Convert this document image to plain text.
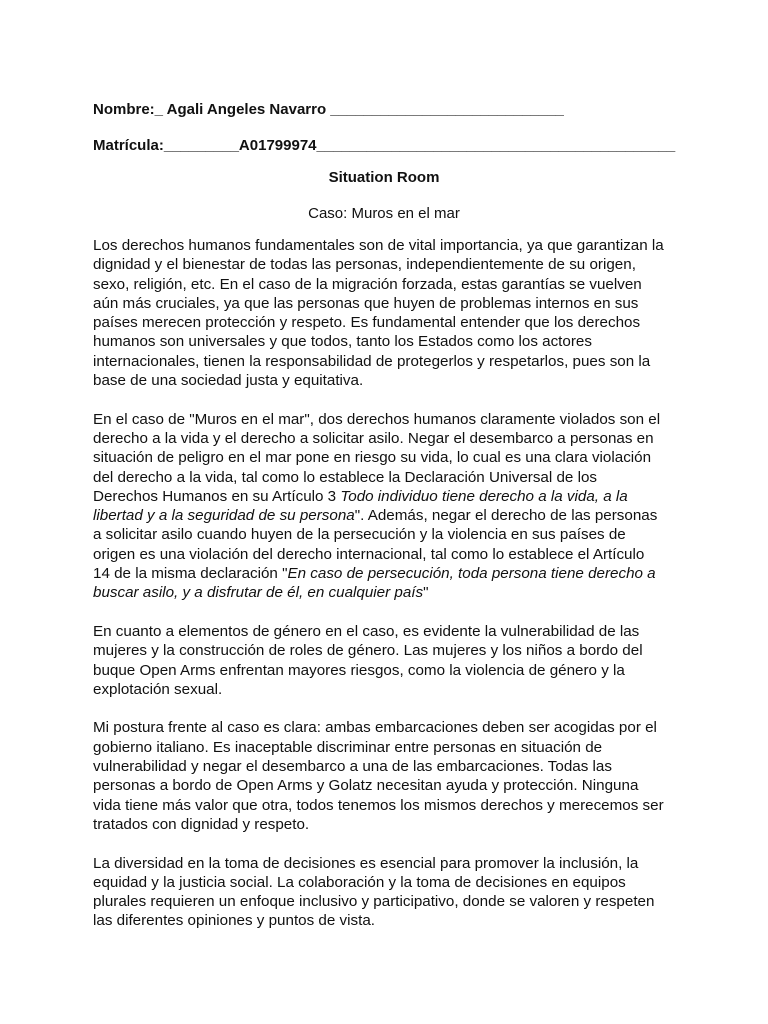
Nombre:_ Agali Angeles Navarro ____________________________
Matrícula:_________A01799974___________________________________________
Situation Room
Caso: Muros en el mar
Los derechos humanos fundamentales son de vital importancia, ya que garantizan la
dignidad y el bienestar de todas las personas, independientemente de su origen,
sexo, religión, etc. En el caso de la migración forzada, estas garantías se vuelven
aún más cruciales, ya que las personas que huyen de problemas internos en sus
países merecen protección y respeto. Es fundamental entender que los derechos
humanos son universales y que todos, tanto los Estados como los actores
internacionales, tienen la responsabilidad de protegerlos y respetarlos, pues son la
base de una sociedad justa y equitativa.
En el caso de "Muros en el mar", dos derechos humanos claramente violados son el
derecho a la vida y el derecho a solicitar asilo. Negar el desembarco a personas en
situación de peligro en el mar pone en riesgo su vida, lo cual es una clara violación
del derecho a la vida, tal como lo establece la Declaración Universal de los
Derechos Humanos en su Artículo 3 Todo individuo tiene derecho a la vida, a la
libertad y a la seguridad de su persona". Además, negar el derecho de las personas
a solicitar asilo cuando huyen de la persecución y la violencia en sus países de
origen es una violación del derecho internacional, tal como lo establece el Artículo
14 de la misma declaración "En caso de persecución, toda persona tiene derecho a
buscar asilo, y a disfrutar de él, en cualquier país"
En cuanto a elementos de género en el caso, es evidente la vulnerabilidad de las
mujeres y la construcción de roles de género. Las mujeres y los niños a bordo del
buque Open Arms enfrentan mayores riesgos, como la violencia de género y la
explotación sexual.
Mi postura frente al caso es clara: ambas embarcaciones deben ser acogidas por el
gobierno italiano. Es inaceptable discriminar entre personas en situación de
vulnerabilidad y negar el desembarco a una de las embarcaciones. Todas las
personas a bordo de Open Arms y Golatz necesitan ayuda y protección. Ninguna
vida tiene más valor que otra, todos tenemos los mismos derechos y merecemos ser
tratados con dignidad y respeto.
La diversidad en la toma de decisiones es esencial para promover la inclusión, la
equidad y la justicia social. La colaboración y la toma de decisiones en equipos
plurales requieren un enfoque inclusivo y participativo, donde se valoren y respeten
las diferentes opiniones y puntos de vista.
